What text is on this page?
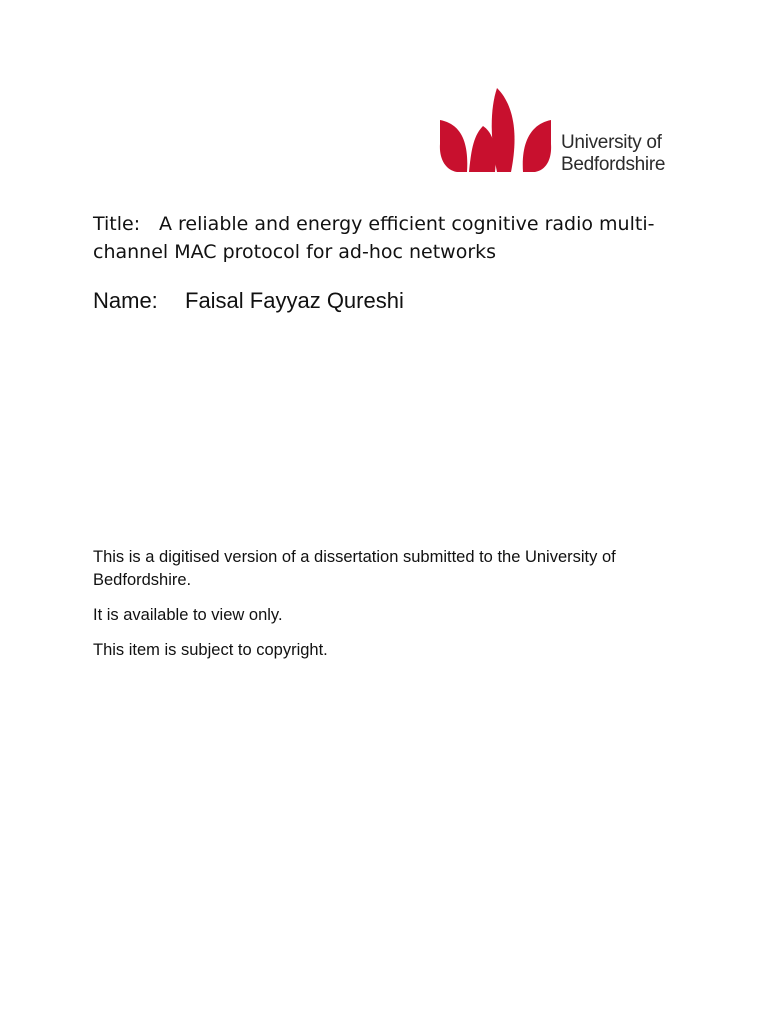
University of
Bedfordshire
Title: A reliable and energy efficient cognitive radio multi-channel MAC protocol for ad-hoc networks
Name: Faisal Fayyaz Qureshi

This is a digitised version of a dissertation submitted to the University of Bedfordshire.

It is available to view only.

This item is subject to copyright.
